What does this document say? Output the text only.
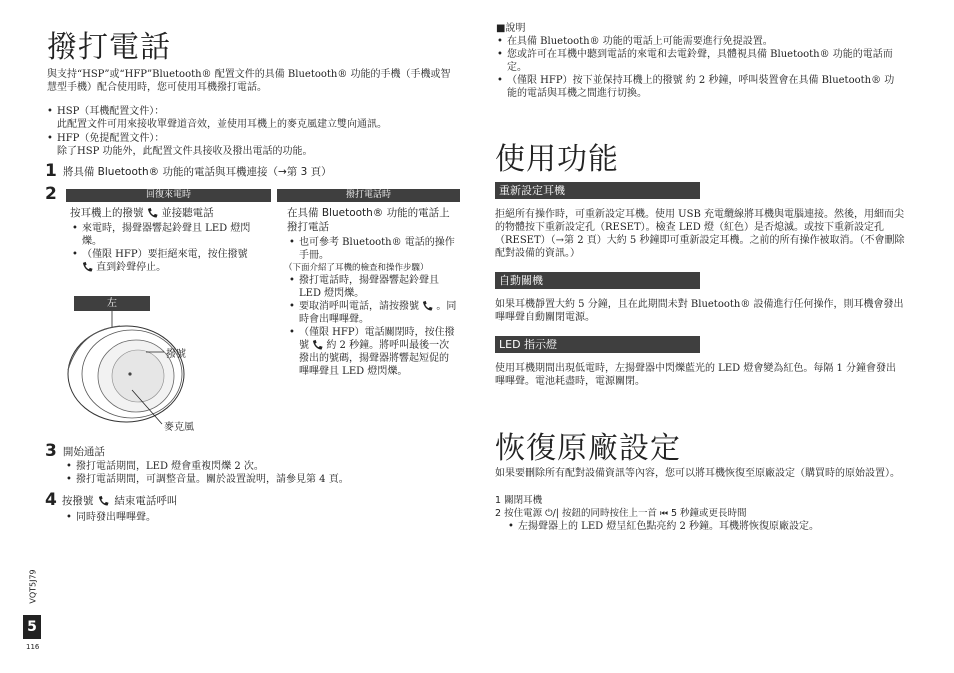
撥打電話
與支持“HSP”或“HFP”Bluetooth® 配置文件的具備 Bluetooth® 功能的手機（手機或智慧型手機）配合使用時，您可使用耳機撥打電話。
• HSP（耳機配置文件）：
此配置文件可用來接收單聲道音效，並使用耳機上的麥克風建立雙向通訊。
• HFP（免提配置文件）：
除了HSP 功能外，此配置文件具接收及撥出電話的功能。
1 將具備 Bluetooth® 功能的電話與耳機連接（→第 3 頁）
2	回復來電時
按耳機上的撥號 並接聽電話
• 來電時，揚聲器響起鈴聲且 LED 燈閃爍。
• （僅限 HFP）要拒絕來電，按住撥號  直到鈴聲停止。
撥打電話時
在具備 Bluetooth® 功能的電話上撥打電話
• 也可參考 Bluetooth® 電話的操作手冊。
（下面介紹了耳機的檢查和操作步驟）
• 撥打電話時，揚聲器響起鈴聲且 LED 燈閃爍。
• 要取消呼叫電話，請按撥號 。同時會出嗶嗶聲。
• （僅限 HFP）電話關閉時，按住撥號 約 2 秒鐘。將呼叫最後一次撥出的號碼，揚聲器將響起短促的嗶嗶聲且 LED 燈閃爍。
左
撥號
麥克風
3 開始通話
• 撥打電話期間，LED 燈會重複閃爍 2 次。
• 撥打電話期間，可調整音量。關於設置說明，請參見第 4 頁。
4 按撥號 結束電話呼叫
• 同時發出嗶嗶聲。
VQT5J79
5
116
■說明
• 在具備 Bluetooth® 功能的電話上可能需要進行免提設置。
• 您或許可在耳機中聽到電話的來電和去電鈴聲，具體視具備 Bluetooth® 功能的電話而定。
• （僅限 HFP）按下並保持耳機上的撥號 約 2 秒鐘，呼叫裝置會在具備 Bluetooth® 功能的電話與耳機之間進行切換。
使用功能
重新設定耳機
拒絕所有操作時，可重新設定耳機。使用 USB 充電纜線將耳機與電腦連接。然後，用細而尖的物體按下重新設定孔（RESET）。檢查 LED 燈（紅色）是否熄滅。或按下重新設定孔（RESET）（→第 2 頁）大約 5 秒鐘即可重新設定耳機。之前的所有操作被取消。（不會刪除配對設備的資訊。）
自動關機
如果耳機靜置大約 5 分鐘，且在此期間未對 Bluetooth® 設備進行任何操作，則耳機會發出嗶嗶聲自動關閉電源。
LED 指示燈
使用耳機期間出現低電時，左揚聲器中閃爍藍光的 LED 燈會變為紅色。每隔 1 分鐘會發出嗶嗶聲。電池耗盡時，電源關閉。
恢復原廠設定
如果要刪除所有配對設備資訊等內容，您可以將耳機恢復至原廠設定（購買時的原始設置）。
1 關閉耳機
2 按住電源 ⏻/| 按鈕的同時按住上一首 ⏮ 5 秒鐘或更長時間
• 左揚聲器上的 LED 燈呈紅色點亮約 2 秒鐘。耳機將恢復原廠設定。
